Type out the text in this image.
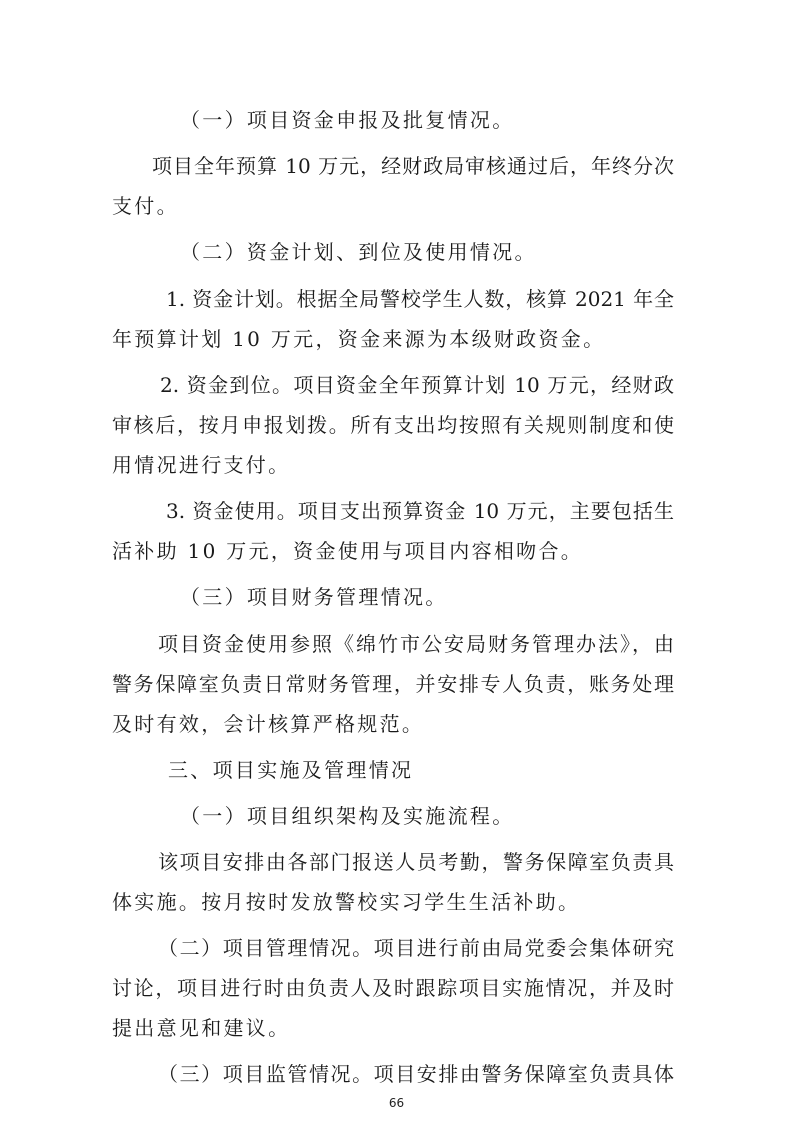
（一）项目资金申报及批复情况。
项目全年预算 10 万元，经财政局审核通过后，年终分次
支付。
（二）资金计划、到位及使用情况。
1. 资金计划。根据全局警校学生人数，核算 2021 年全
年预算计划 10 万元，资金来源为本级财政资金。
2. 资金到位。项目资金全年预算计划 10 万元，经财政
审核后，按月申报划拨。所有支出均按照有关规则制度和使
用情况进行支付。
3. 资金使用。项目支出预算资金 10 万元，主要包括生
活补助 10 万元，资金使用与项目内容相吻合。
（三）项目财务管理情况。
项目资金使用参照《绵竹市公安局财务管理办法》，由
警务保障室负责日常财务管理，并安排专人负责，账务处理
及时有效，会计核算严格规范。
三、项目实施及管理情况
（一）项目组织架构及实施流程。
该项目安排由各部门报送人员考勤，警务保障室负责具
体实施。按月按时发放警校实习学生生活补助。
（二）项目管理情况。项目进行前由局党委会集体研究
讨论，项目进行时由负责人及时跟踪项目实施情况，并及时
提出意见和建议。
（三）项目监管情况。项目安排由警务保障室负责具体
66
